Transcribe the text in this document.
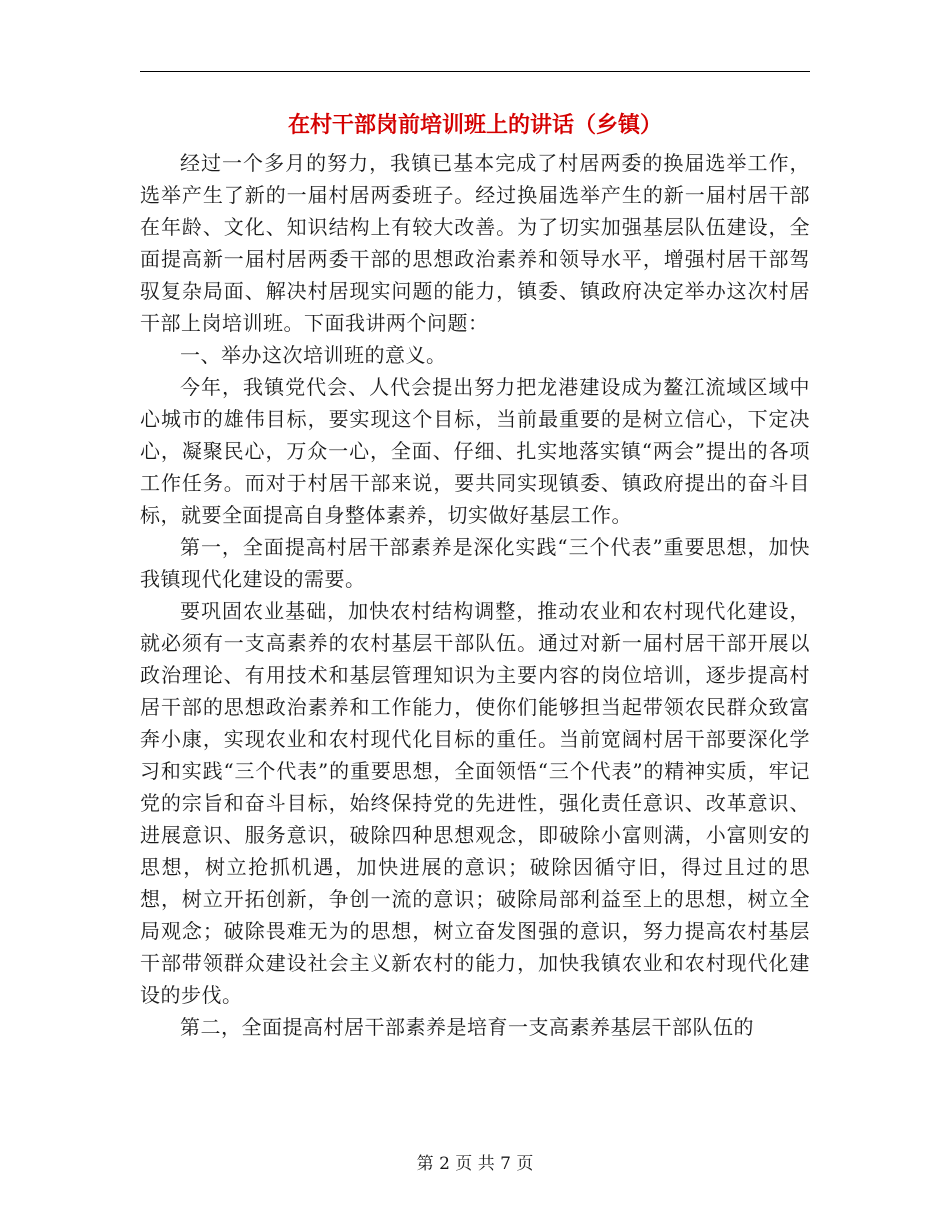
在村干部岗前培训班上的讲话（乡镇）

经过一个多月的努力，我镇已基本完成了村居两委的换届选举工作，选举产生了新的一届村居两委班子。经过换届选举产生的新一届村居干部在年龄、文化、知识结构上有较大改善。为了切实加强基层队伍建设，全面提高新一届村居两委干部的思想政治素养和领导水平，增强村居干部驾驭复杂局面、解决村居现实问题的能力，镇委、镇政府决定举办这次村居干部上岗培训班。下面我讲两个问题：

一、举办这次培训班的意义。

今年，我镇党代会、人代会提出努力把龙港建设成为鳌江流域区域中心城市的雄伟目标，要实现这个目标，当前最重要的是树立信心，下定决心，凝聚民心，万众一心，全面、仔细、扎实地落实镇“两会”提出的各项工作任务。而对于村居干部来说，要共同实现镇委、镇政府提出的奋斗目标，就要全面提高自身整体素养，切实做好基层工作。

第一，全面提高村居干部素养是深化实践“三个代表”重要思想，加快我镇现代化建设的需要。

要巩固农业基础，加快农村结构调整，推动农业和农村现代化建设，就必须有一支高素养的农村基层干部队伍。通过对新一届村居干部开展以政治理论、有用技术和基层管理知识为主要内容的岗位培训，逐步提高村居干部的思想政治素养和工作能力，使你们能够担当起带领农民群众致富奔小康，实现农业和农村现代化目标的重任。当前宽阔村居干部要深化学习和实践“三个代表”的重要思想，全面领悟“三个代表”的精神实质，牢记党的宗旨和奋斗目标，始终保持党的先进性，强化责任意识、改革意识、进展意识、服务意识，破除四种思想观念，即破除小富则满，小富则安的思想，树立抢抓机遇，加快进展的意识；破除因循守旧，得过且过的思想，树立开拓创新，争创一流的意识；破除局部利益至上的思想，树立全局观念；破除畏难无为的思想，树立奋发图强的意识，努力提高农村基层干部带领群众建设社会主义新农村的能力，加快我镇农业和农村现代化建设的步伐。

第二，全面提高村居干部素养是培育一支高素养基层干部队伍的

第 2 页 共 7 页
